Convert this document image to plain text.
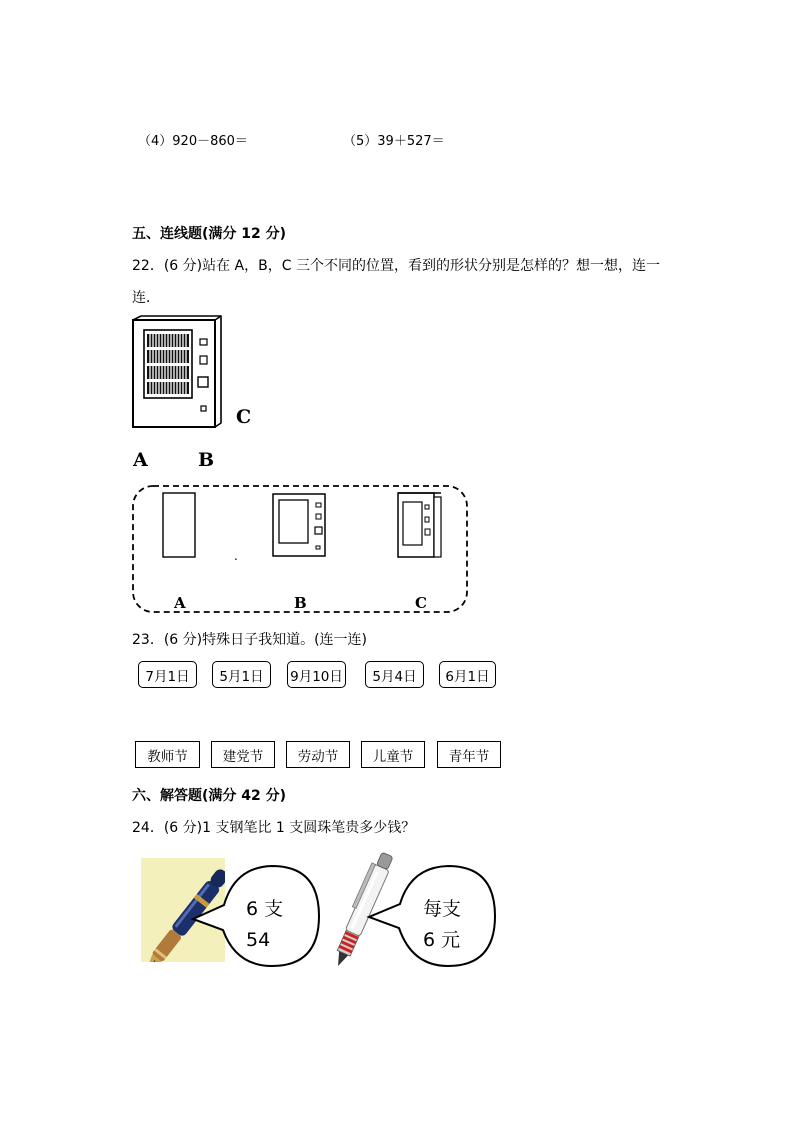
（4）920－860＝	（5）39＋527＝
五、连线题(满分 12 分)
22．(6 分)站在 A，B，C 三个不同的位置，看到的形状分别是怎样的？想一想，连一
连．
C
A	B
.
A	B	C
23．(6 分)特殊日子我知道。(连一连)
7月1日	5月1日	9月10日	5月4日	6月1日
教师节	建党节	劳动节	儿童节	青年节
六、解答题(满分 42 分)
24．(6 分)1 支钢笔比 1 支圆珠笔贵多少钱？
6 支
54
每支
6 元
